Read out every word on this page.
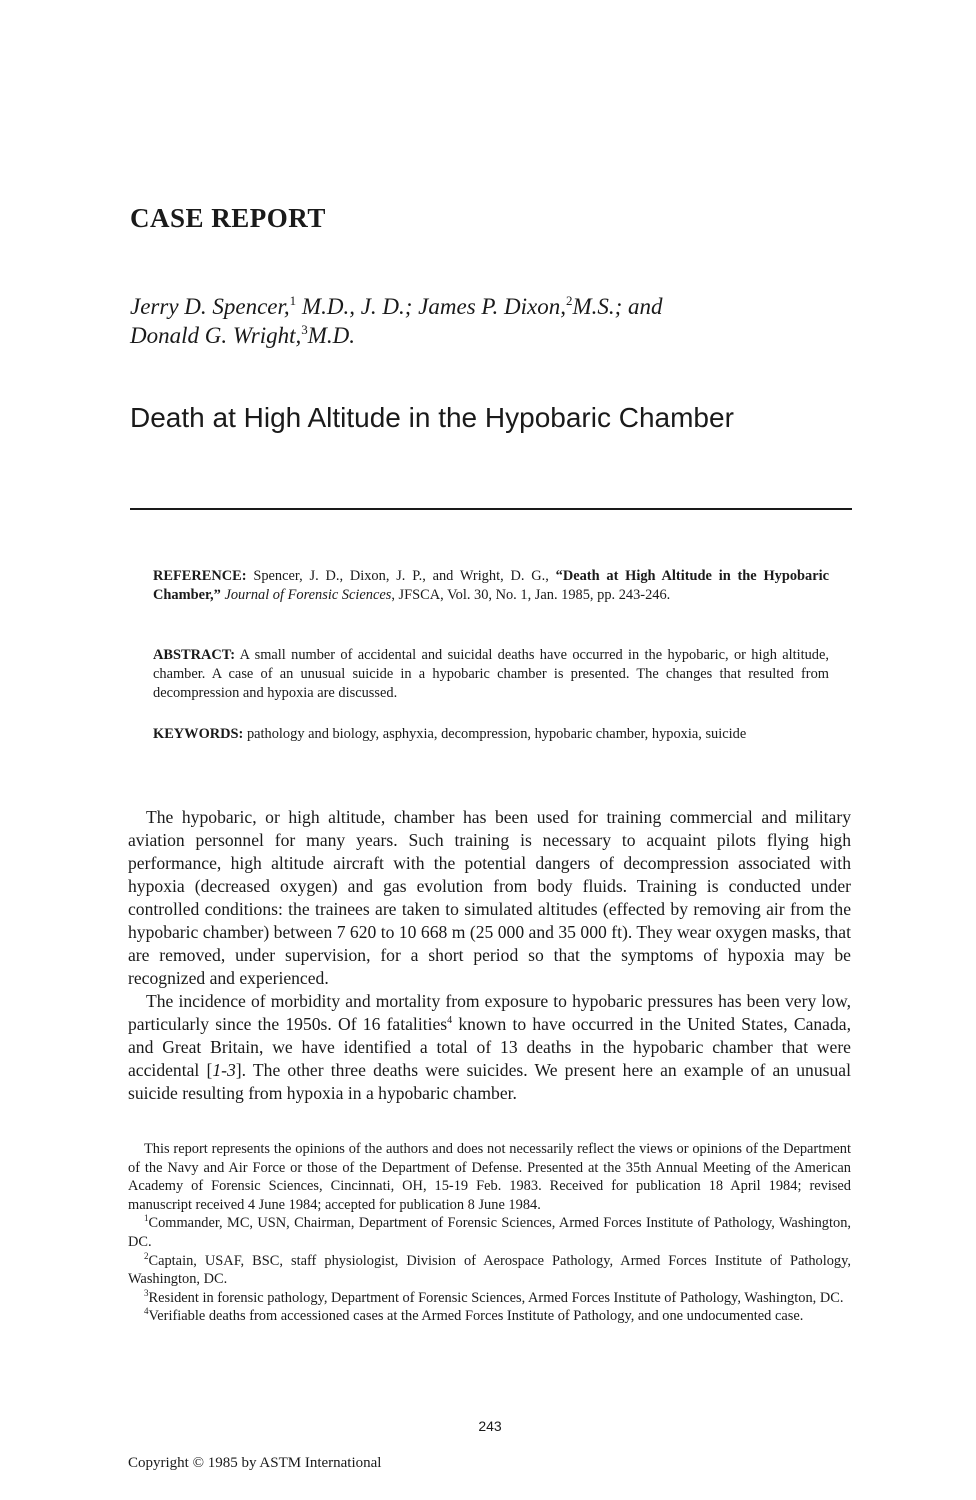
CASE REPORT

Jerry D. Spencer,$^1$ M.D., J. D.; James P. Dixon,$^2$M.S.; and
Donald G. Wright,$^3$M.D.

Death at High Altitude in the Hypobaric Chamber

REFERENCE: Spencer, J. D., Dixon, J. P., and Wright, D. G., “Death at High Altitude in the Hypobaric Chamber,” Journal of Forensic Sciences, JFSCA, Vol. 30, No. 1, Jan. 1985, pp. 243-246.

ABSTRACT: A small number of accidental and suicidal deaths have occurred in the hypobaric, or high altitude, chamber. A case of an unusual suicide in a hypobaric chamber is presented. The changes that resulted from decompression and hypoxia are discussed.

KEYWORDS: pathology and biology, asphyxia, decompression, hypobaric chamber, hypoxia, suicide

The hypobaric, or high altitude, chamber has been used for training commercial and military aviation personnel for many years. Such training is necessary to acquaint pilots flying high performance, high altitude aircraft with the potential dangers of decompression associated with hypoxia (decreased oxygen) and gas evolution from body fluids. Training is conducted under controlled conditions: the trainees are taken to simulated altitudes (effected by removing air from the hypobaric chamber) between 7 620 to 10 668 m (25 000 and 35 000 ft). They wear oxygen masks, that are removed, under supervision, for a short period so that the symptoms of hypoxia may be recognized and experienced.

The incidence of morbidity and mortality from exposure to hypobaric pressures has been very low, particularly since the 1950s. Of 16 fatalities$^4$ known to have occurred in the United States, Canada, and Great Britain, we have identified a total of 13 deaths in the hypobaric chamber that were accidental [1-3]. The other three deaths were suicides. We present here an example of an unusual suicide resulting from hypoxia in a hypobaric chamber.

This report represents the opinions of the authors and does not necessarily reflect the views or opinions of the Department of the Navy and Air Force or those of the Department of Defense. Presented at the 35th Annual Meeting of the American Academy of Forensic Sciences, Cincinnati, OH, 15-19 Feb. 1983. Received for publication 18 April 1984; revised manuscript received 4 June 1984; accepted for publication 8 June 1984.

$^1$Commander, MC, USN, Chairman, Department of Forensic Sciences, Armed Forces Institute of Pathology, Washington, DC.

$^2$Captain, USAF, BSC, staff physiologist, Division of Aerospace Pathology, Armed Forces Institute of Pathology, Washington, DC.

$^3$Resident in forensic pathology, Department of Forensic Sciences, Armed Forces Institute of Pathology, Washington, DC.

$^4$Verifiable deaths from accessioned cases at the Armed Forces Institute of Pathology, and one undocumented case.

243
Copyright © 1985 by ASTM International
